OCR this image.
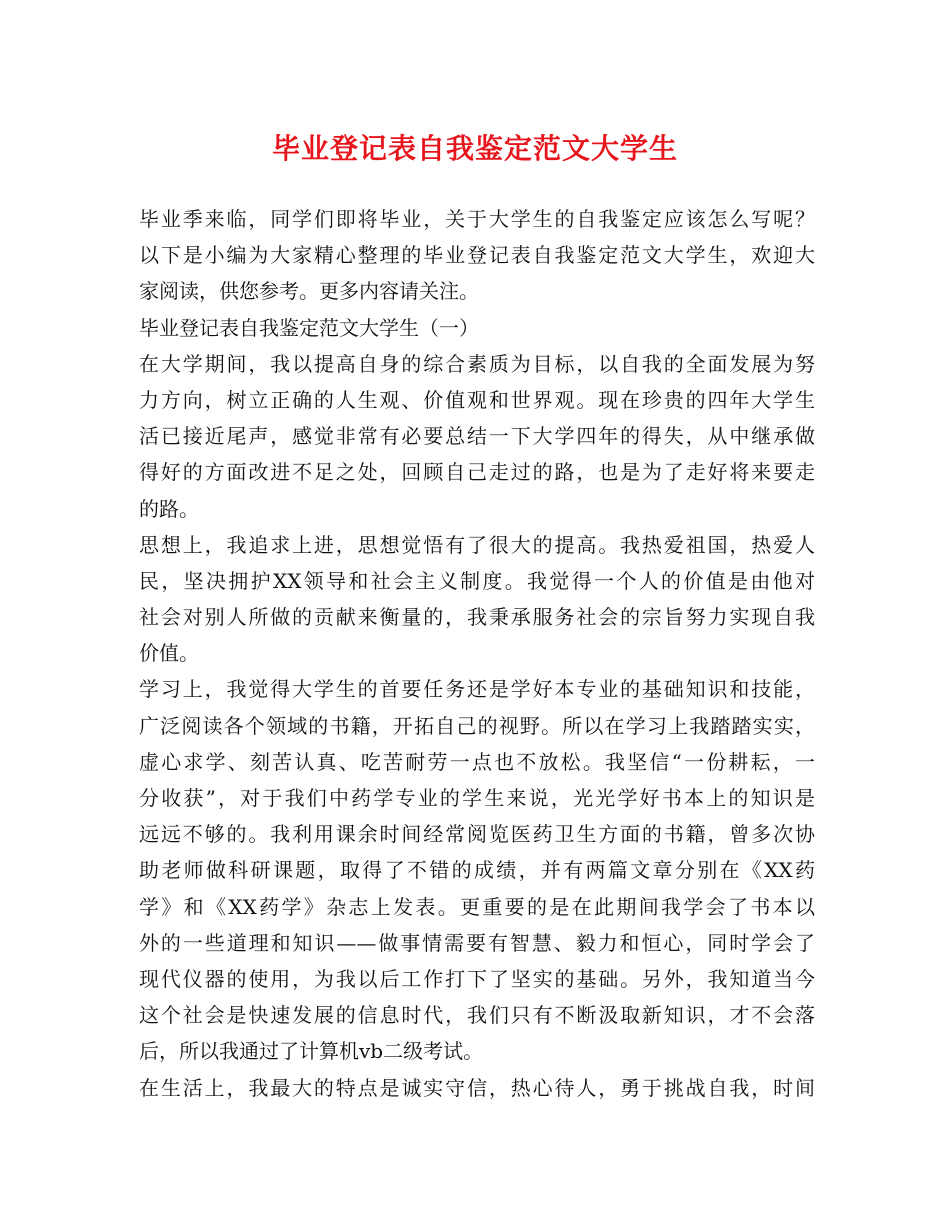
毕业登记表自我鉴定范文大学生
毕业季来临，同学们即将毕业，关于大学生的自我鉴定应该怎么写呢？
以下是小编为大家精心整理的毕业登记表自我鉴定范文大学生，欢迎大
家阅读，供您参考。更多内容请关注。
毕业登记表自我鉴定范文大学生（一）
在大学期间，我以提高自身的综合素质为目标，以自我的全面发展为努
力方向，树立正确的人生观、价值观和世界观。现在珍贵的四年大学生
活已接近尾声，感觉非常有必要总结一下大学四年的得失，从中继承做
得好的方面改进不足之处，回顾自己走过的路，也是为了走好将来要走
的路。
思想上，我追求上进，思想觉悟有了很大的提高。我热爱祖国，热爱人
民，坚决拥护XX领导和社会主义制度。我觉得一个人的价值是由他对
社会对别人所做的贡献来衡量的，我秉承服务社会的宗旨努力实现自我
价值。
学习上，我觉得大学生的首要任务还是学好本专业的基础知识和技能，
广泛阅读各个领域的书籍，开拓自己的视野。所以在学习上我踏踏实实，
虚心求学、刻苦认真、吃苦耐劳一点也不放松。我坚信“一份耕耘，一
分收获”，对于我们中药学专业的学生来说，光光学好书本上的知识是
远远不够的。我利用课余时间经常阅览医药卫生方面的书籍，曾多次协
助老师做科研课题，取得了不错的成绩，并有两篇文章分别在《XX药
学》和《XX药学》杂志上发表。更重要的是在此期间我学会了书本以
外的一些道理和知识——做事情需要有智慧、毅力和恒心，同时学会了
现代仪器的使用，为我以后工作打下了坚实的基础。另外，我知道当今
这个社会是快速发展的信息时代，我们只有不断汲取新知识，才不会落
后，所以我通过了计算机vb二级考试。
在生活上，我最大的特点是诚实守信，热心待人，勇于挑战自我，时间
